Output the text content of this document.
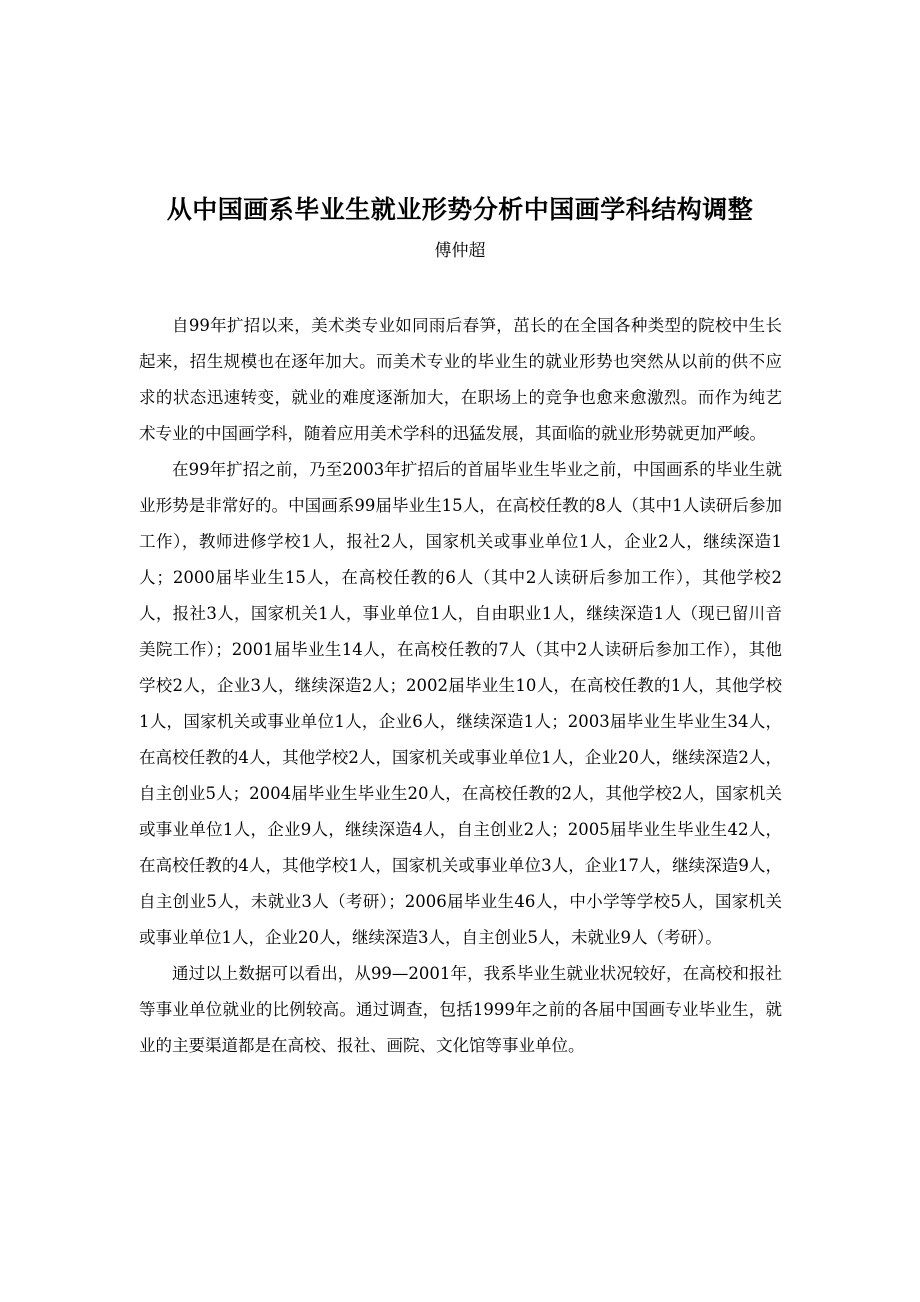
从中国画系毕业生就业形势分析中国画学科结构调整
傅仲超

自99年扩招以来，美术类专业如同雨后春笋，茁长的在全国各种类型的院校中生长起来，招生规模也在逐年加大。而美术专业的毕业生的就业形势也突然从以前的供不应求的状态迅速转变，就业的难度逐渐加大，在职场上的竞争也愈来愈激烈。而作为纯艺术专业的中国画学科，随着应用美术学科的迅猛发展，其面临的就业形势就更加严峻。

在99年扩招之前，乃至2003年扩招后的首届毕业生毕业之前，中国画系的毕业生就业形势是非常好的。中国画系99届毕业生15人，在高校任教的8人（其中1人读研后参加工作），教师进修学校1人，报社2人，国家机关或事业单位1人，企业2人，继续深造1人；2000届毕业生15人，在高校任教的6人（其中2人读研后参加工作），其他学校2人，报社3人，国家机关1人，事业单位1人，自由职业1人，继续深造1人（现已留川音美院工作）；2001届毕业生14人，在高校任教的7人（其中2人读研后参加工作），其他学校2人，企业3人，继续深造2人；2002届毕业生10人，在高校任教的1人，其他学校1人，国家机关或事业单位1人，企业6人，继续深造1人；2003届毕业生毕业生34人，在高校任教的4人，其他学校2人，国家机关或事业单位1人，企业20人，继续深造2人，自主创业5人；2004届毕业生毕业生20人，在高校任教的2人，其他学校2人，国家机关或事业单位1人，企业9人，继续深造4人，自主创业2人；2005届毕业生毕业生42人，在高校任教的4人，其他学校1人，国家机关或事业单位3人，企业17人，继续深造9人，自主创业5人，未就业3人（考研）；2006届毕业生46人，中小学等学校5人，国家机关或事业单位1人，企业20人，继续深造3人，自主创业5人，未就业9人（考研）。

通过以上数据可以看出，从99—2001年，我系毕业生就业状况较好，在高校和报社等事业单位就业的比例较高。通过调查，包括1999年之前的各届中国画专业毕业生，就业的主要渠道都是在高校、报社、画院、文化馆等事业单位。
